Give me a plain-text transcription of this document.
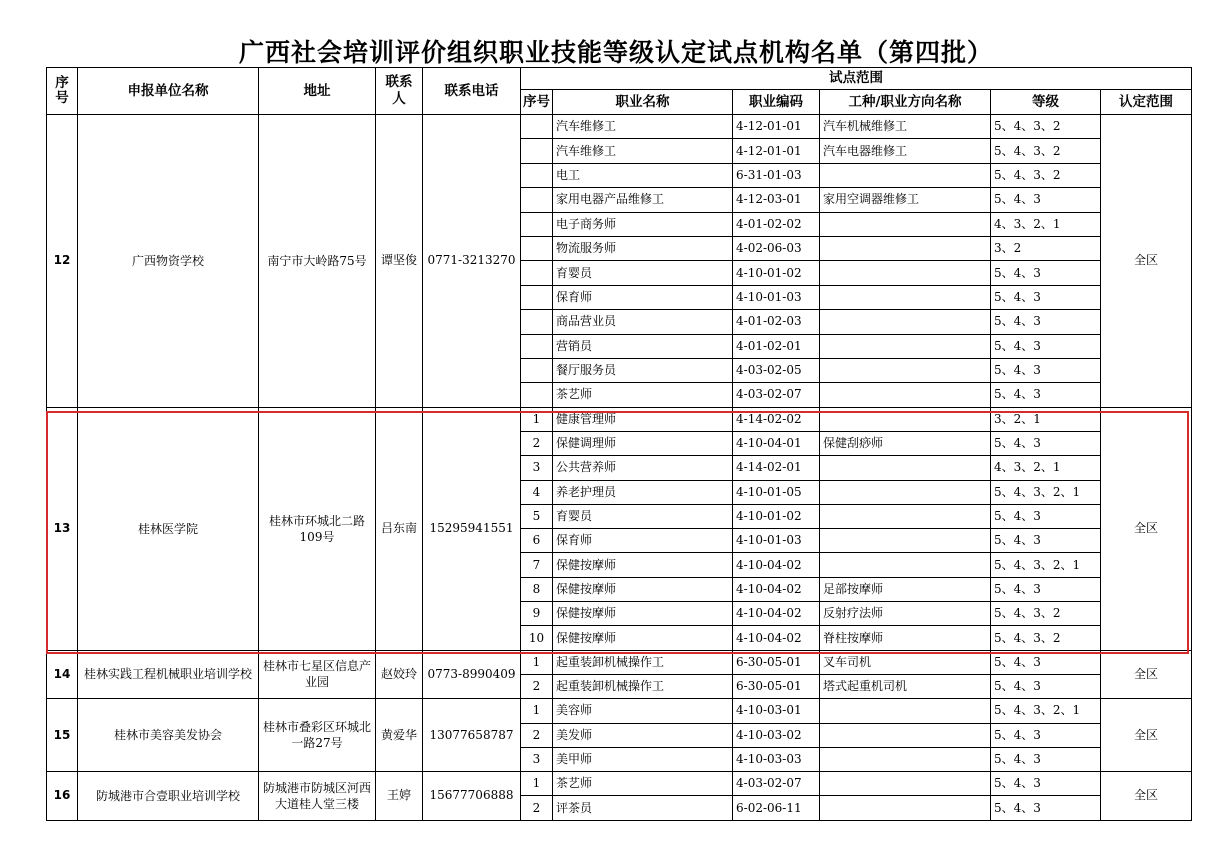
广西社会培训评价组织职业技能等级认定试点机构名单（第四批）
序号	申报单位名称	地址	联系人	联系电话	试点范围					
					序号	职业名称	职业编码	工种/职业方向名称	等级	认定范围
12	广西物资学校	南宁市大岭路75号	谭坚俊	0771-3213270		汽车维修工	4-12-01-01	汽车机械维修工	5、4、3、2	全区
						汽车维修工	4-12-01-01	汽车电器维修工	5、4、3、2	
						电工	6-31-01-03		5、4、3、2	
						家用电器产品维修工	4-12-03-01	家用空调器维修工	5、4、3	
						电子商务师	4-01-02-02		4、3、2、1	
						物流服务师	4-02-06-03		3、2	
						育婴员	4-10-01-02		5、4、3	
						保育师	4-10-01-03		5、4、3	
						商品营业员	4-01-02-03		5、4、3	
						营销员	4-01-02-01		5、4、3	
						餐厅服务员	4-03-02-05		5、4、3	
						茶艺师	4-03-02-07		5、4、3	
13	桂林医学院	桂林市环城北二路109号	吕东南	15295941551	1	健康管理师	4-14-02-02		3、2、1	全区
					2	保健调理师	4-10-04-01	保健刮痧师	5、4、3	
					3	公共营养师	4-14-02-01		4、3、2、1	
					4	养老护理员	4-10-01-05		5、4、3、2、1	
					5	育婴员	4-10-01-02		5、4、3	
					6	保育师	4-10-01-03		5、4、3	
					7	保健按摩师	4-10-04-02		5、4、3、2、1	
					8	保健按摩师	4-10-04-02	足部按摩师	5、4、3	
					9	保健按摩师	4-10-04-02	反射疗法师	5、4、3、2	
					10	保健按摩师	4-10-04-02	脊柱按摩师	5、4、3、2	
14	桂林实践工程机械职业培训学校	桂林市七星区信息产业园	赵姣玲	0773-8990409	1	起重装卸机械操作工	6-30-05-01	叉车司机	5、4、3	全区
					2	起重装卸机械操作工	6-30-05-01	塔式起重机司机	5、4、3	
15	桂林市美容美发协会	桂林市叠彩区环城北一路27号	黄爱华	13077658787	1	美容师	4-10-03-01		5、4、3、2、1	全区
					2	美发师	4-10-03-02		5、4、3	
					3	美甲师	4-10-03-03		5、4、3	
16	防城港市合壹职业培训学校	防城港市防城区河西大道桂人堂三楼	王婷	15677706888	1	茶艺师	4-03-02-07		5、4、3	全区
					2	评茶员	6-02-06-11		5、4、3	
